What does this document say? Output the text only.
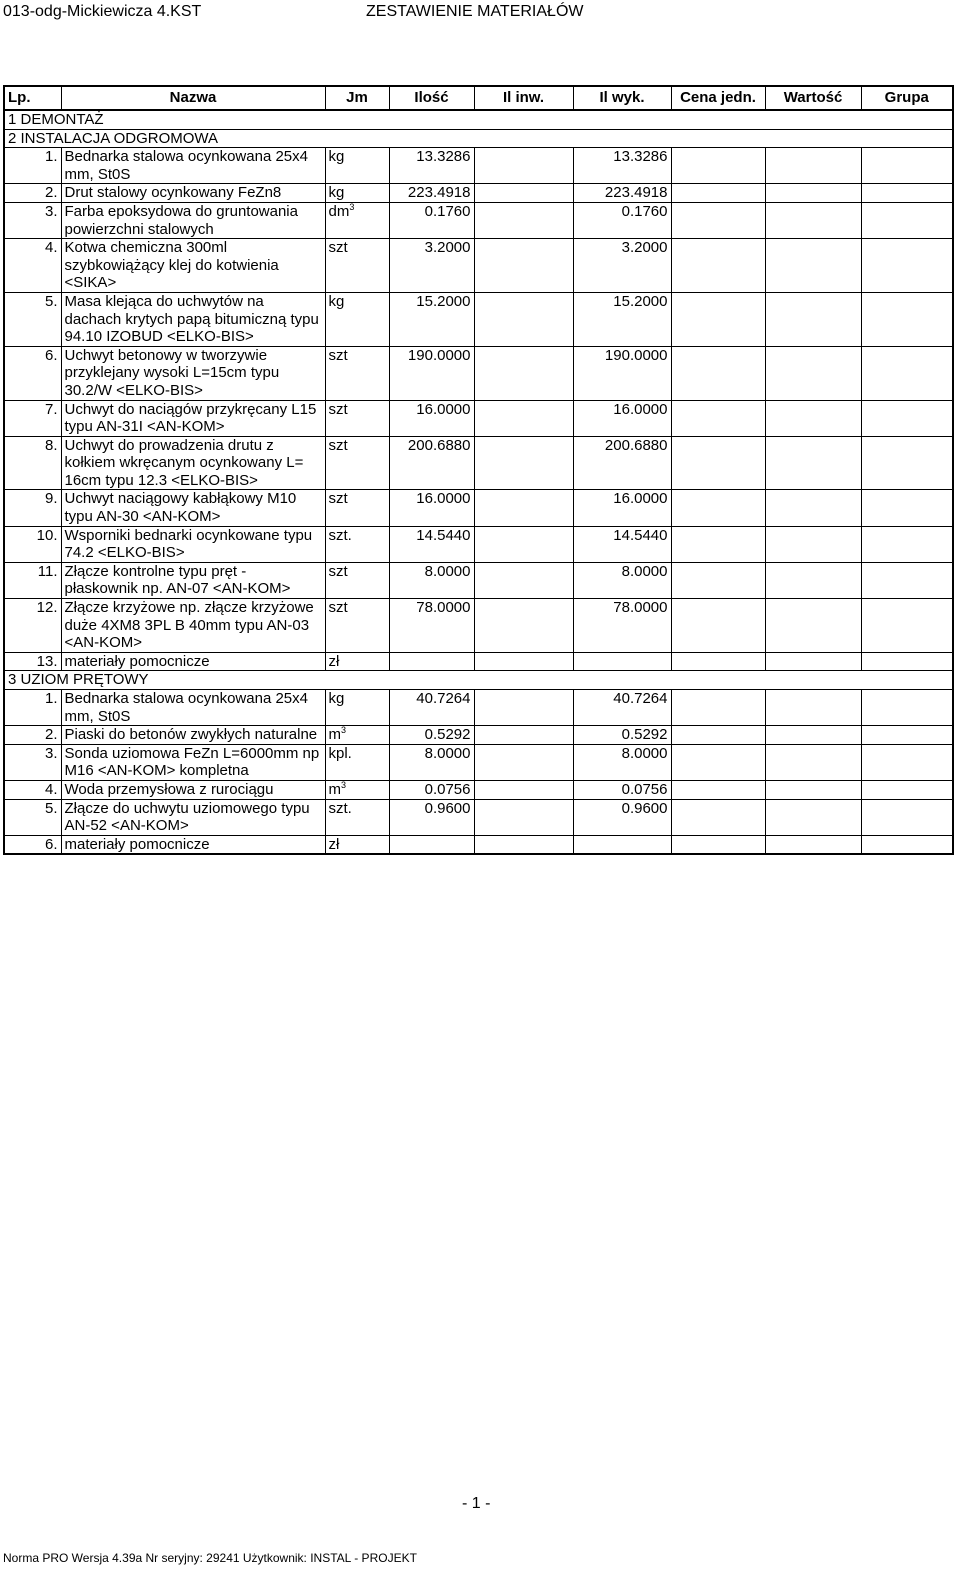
013-odg-Mickiewicza 4.KST	ZESTAWIENIE MATERIAŁÓW
Lp.	Nazwa	Jm	Ilość	Il inw.	Il wyk.	Cena jedn.	Wartość	Grupa
1 DEMONTAŻ								
2 INSTALACJA ODGROMOWA								
1.	Bednarka stalowa ocynkowana 25x4 mm, St0S	kg	13.3286		13.3286			
2.	Drut stalowy ocynkowany FeZn8	kg	223.4918		223.4918			
3.	Farba epoksydowa do gruntowania powierzchni stalowych	$dm^3$	0.1760		0.1760			
4.	Kotwa chemiczna 300ml szybkowiążący klej do kotwienia <SIKA>	szt	3.2000		3.2000			
5.	Masa klejąca do uchwytów na dachach krytych papą bitumiczną typu 94.10 IZOBUD <ELKO-BIS>	kg	15.2000		15.2000			
6.	Uchwyt betonowy w tworzywie przyklejany wysoki L=15cm typu 30.2/W <ELKO-BIS>	szt	190.0000		190.0000			
7.	Uchwyt do naciągów przykręcany L15 typu AN-31I <AN-KOM>	szt	16.0000		16.0000			
8.	Uchwyt do prowadzenia drutu z kołkiem wkręcanym ocynkowany L= 16cm typu 12.3 <ELKO-BIS>	szt	200.6880		200.6880			
9.	Uchwyt naciągowy kabłąkowy M10 typu AN-30 <AN-KOM>	szt	16.0000		16.0000			
10.	Wsporniki bednarki ocynkowane typu 74.2 <ELKO-BIS>	szt.	14.5440		14.5440			
11.	Złącze kontrolne typu pręt - płaskownik np. AN-07 <AN-KOM>	szt	8.0000		8.0000			
12.	Złącze krzyżowe np. złącze krzyżowe duże 4XM8 3PL B 40mm typu AN-03 <AN-KOM>	szt	78.0000		78.0000			
13.	materiały pomocnicze	zł						
3 UZIOM PRĘTOWY								
1.	Bednarka stalowa ocynkowana 25x4 mm, St0S	kg	40.7264		40.7264			
2.	Piaski do betonów zwykłych naturalne	$m^3$	0.5292		0.5292			
3.	Sonda uziomowa FeZn L=6000mm np M16 <AN-KOM> kompletna	kpl.	8.0000		8.0000			
4.	Woda przemysłowa z rurociągu	$m^3$	0.0756		0.0756			
5.	Złącze do uchwytu uziomowego typu AN-52 <AN-KOM>	szt.	0.9600		0.9600			
6.	materiały pomocnicze	zł						
- 1 -
Norma PRO Wersja 4.39a Nr seryjny: 29241 Użytkownik: INSTAL - PROJEKT
